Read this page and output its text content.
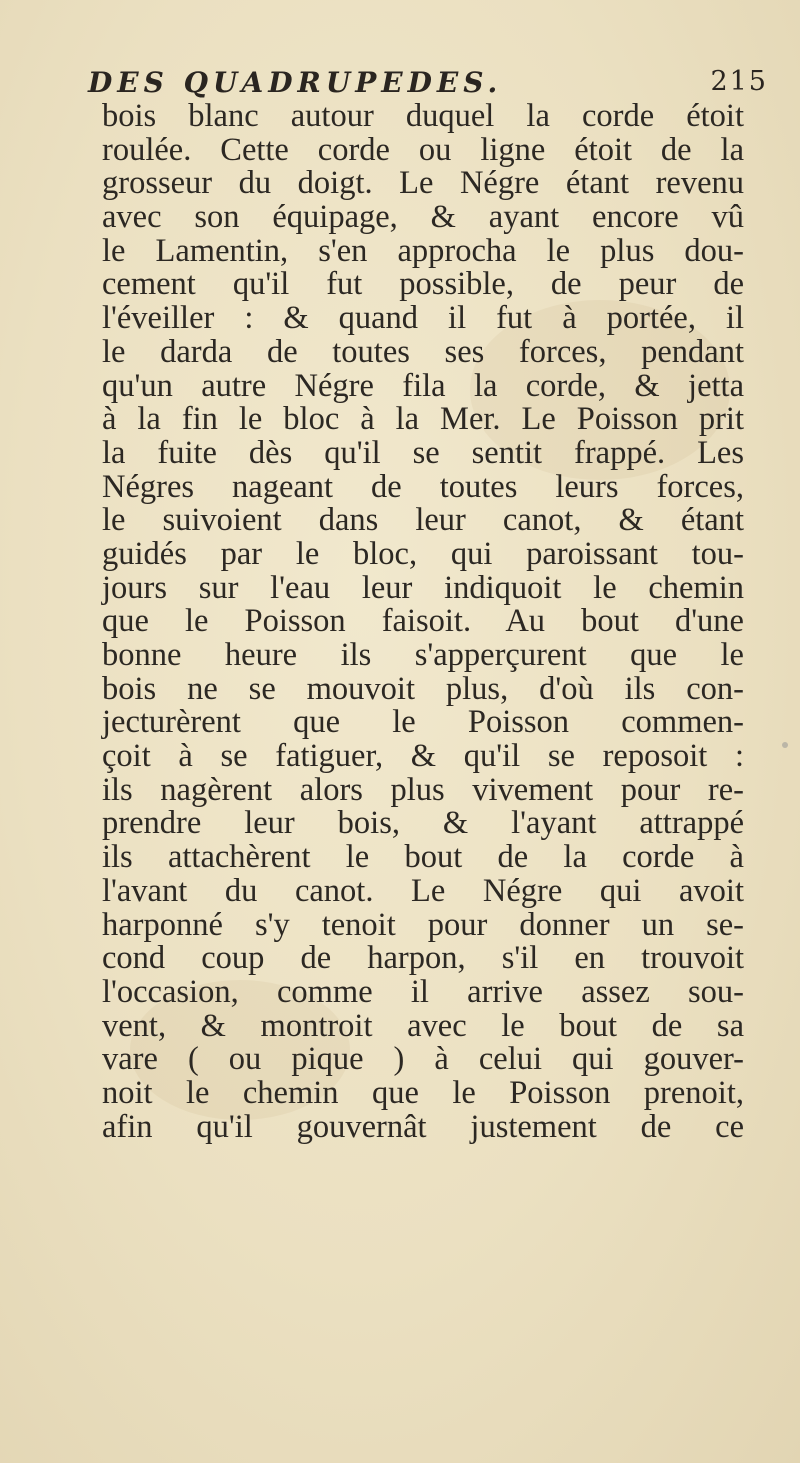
DES QUADRUPEDES.	215
bois blanc autour duquel la corde étoit
roulée. Cette corde ou ligne étoit de la
grosseur du doigt. Le Négre étant revenu
avec son équipage, & ayant encore vû
le Lamentin, s'en approcha le plus dou-
cement qu'il fut possible, de peur de
l'éveiller : & quand il fut à portée, il
le darda de toutes ses forces, pendant
qu'un autre Négre fila la corde, & jetta
à la fin le bloc à la Mer. Le Poisson prit
la fuite dès qu'il se sentit frappé. Les
Négres nageant de toutes leurs forces,
le suivoient dans leur canot, & étant
guidés par le bloc, qui paroissant tou-
jours sur l'eau leur indiquoit le chemin
que le Poisson faisoit. Au bout d'une
bonne heure ils s'apperçurent que le
bois ne se mouvoit plus, d'où ils con-
jecturèrent que le Poisson commen-
çoit à se fatiguer, & qu'il se reposoit :
ils nagèrent alors plus vivement pour re-
prendre leur bois, & l'ayant attrappé
ils attachèrent le bout de la corde à
l'avant du canot. Le Négre qui avoit
harponné s'y tenoit pour donner un se-
cond coup de harpon, s'il en trouvoit
l'occasion, comme il arrive assez sou-
vent, & montroit avec le bout de sa
vare ( ou pique ) à celui qui gouver-
noit le chemin que le Poisson prenoit,
afin qu'il gouvernât justement de ce
